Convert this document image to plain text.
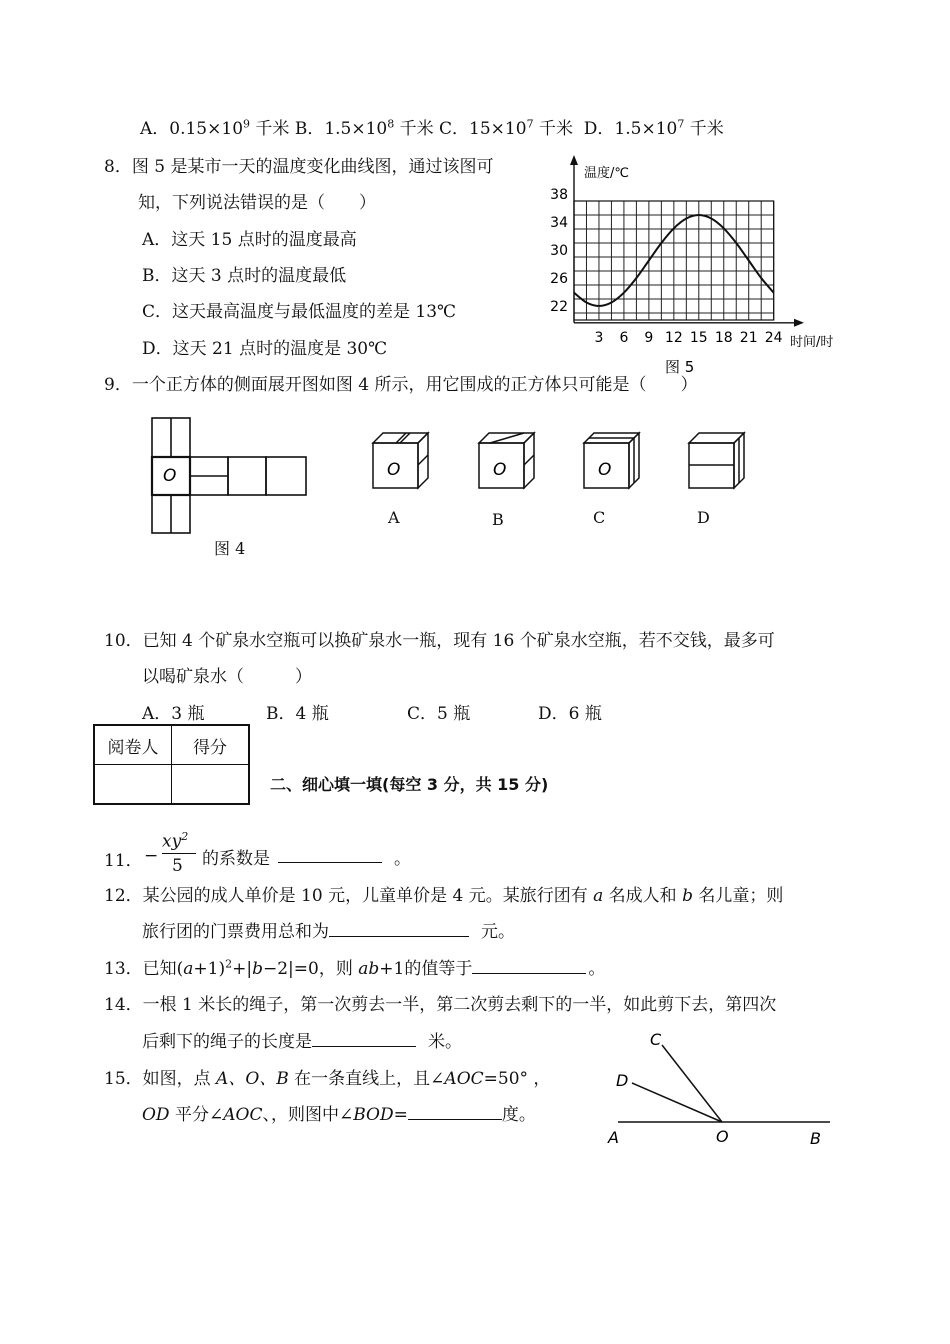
A．$0.15\times 10^9$ 千米 B．$1.5\times 10^8$ 千米 C．$15\times 10^7$ 千米 D．$1.5\times 10^7$ 千米
8．图 5 是某市一天的温度变化曲线图，通过该图可
知，下列说法错误的是（　　）
A．这天 15 点时的温度最高
B．这天 3 点时的温度最低
C．这天最高温度与最低温度的差是 13℃
D．这天 21 点时的温度是 30℃
3 6 9 12 15 18 21 24
22
26
30
34
38
温度/℃
时间/时
图 5
9．一个正方体的侧面展开图如图 4 所示，用它围成的正方体只可能是（　　）
O
图 4
O
A
O
B
O
C	D
10．已知 4 个矿泉水空瓶可以换矿泉水一瓶，现有 16 个矿泉水空瓶，若不交钱，最多可
以喝矿泉水（　　　）
A．3 瓶	B．4 瓶	C．5 瓶	D．6 瓶
阅卷人	得分

二、细心填一填(每空 3 分，共 15 分)
11． −
$xy^2$
5 的系数是	。
12．某公园的成人单价是 10 元，儿童单价是 4 元。某旅行团有 a 名成人和 b 名儿童；则
旅行团的门票费用总和为	元。
13．已知$(a+1)^2+|b-2|=0$，则 ab+1的值等于	。
14．一根 1 米长的绳子，第一次剪去一半，第二次剪去剩下的一半，如此剪下去，第四次
后剩下的绳子的长度是	米。
15．如图，点 A、O、B 在一条直线上，且∠AOC=50° ，
OD 平分∠AOC、，则图中∠BOD=	度。
C
D
A	O	B
